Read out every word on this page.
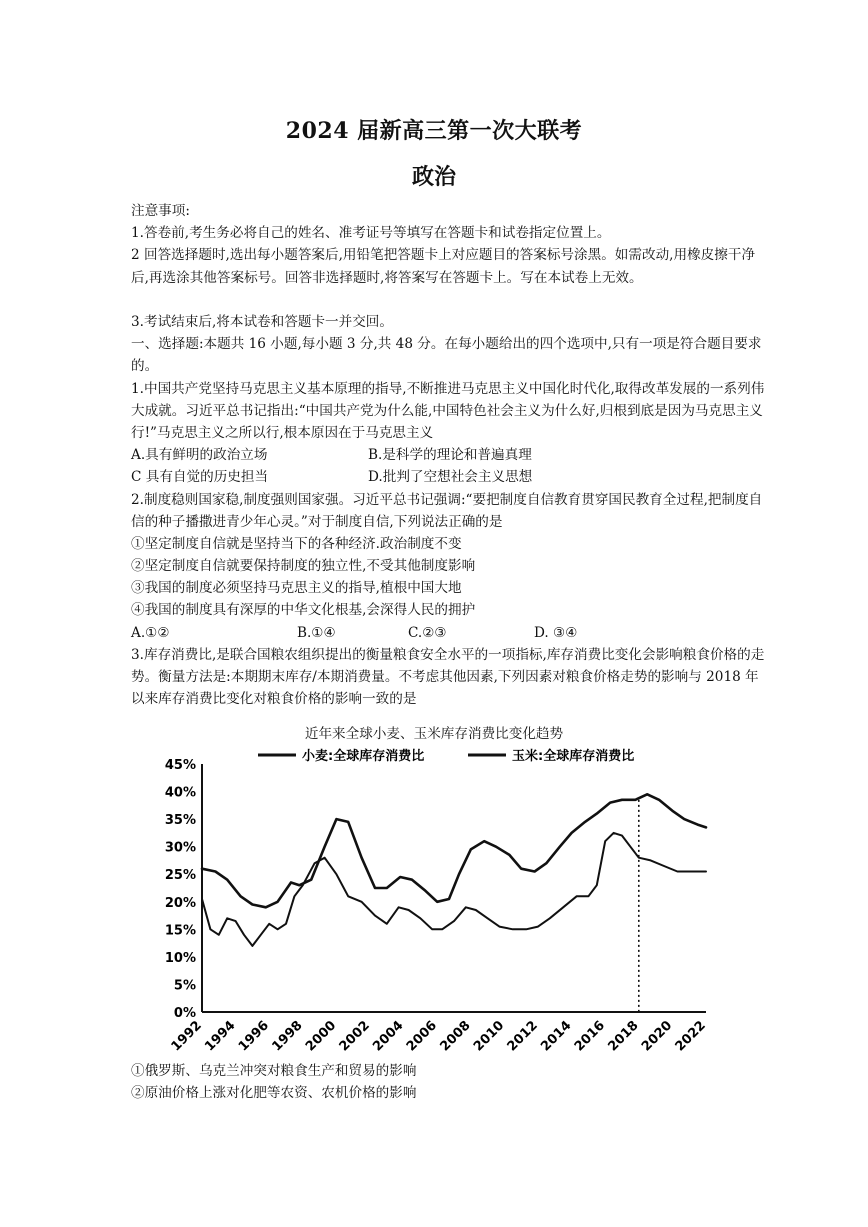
2024 届新高三第一次大联考
政治
注意事项:
1.答卷前,考生务必将自己的姓名、准考证号等填写在答题卡和试卷指定位置上。
2 回答选择题时,选出每小题答案后,用铅笔把答题卡上对应题目的答案标号涂黑。如需改动,用橡皮擦干净后,再选涂其他答案标号。回答非选择题时,将答案写在答题卡上。写在本试卷上无效。
3.考试结束后,将本试卷和答题卡一并交回。
一、选择题:本题共 16 小题,每小题 3 分,共 48 分。在每小题给出的四个选项中,只有一项是符合题目要求的。
1.中国共产党坚持马克思主义基本原理的指导,不断推进马克思主义中国化时代化,取得改革发展的一系列伟大成就。习近平总书记指出:“中国共产党为什么能,中国特色社会主义为什么好,归根到底是因为马克思主义行!”马克思主义之所以行,根本原因在于马克思主义
A.具有鲜明的政治立场	B.是科学的理论和普遍真理
C 具有自觉的历史担当	D.批判了空想社会主义思想
2.制度稳则国家稳,制度强则国家强。习近平总书记强调:“要把制度自信教育贯穿国民教育全过程,把制度自信的种子播撒进青少年心灵。”对于制度自信,下列说法正确的是
①坚定制度自信就是坚持当下的各种经济.政治制度不变
②坚定制度自信就要保持制度的独立性,不受其他制度影响
③我国的制度必须坚持马克思主义的指导,植根中国大地
④我国的制度具有深厚的中华文化根基,会深得人民的拥护
A.①②	B.①④	C.②③	D. ③④
3.库存消费比,是联合国粮农组织提出的衡量粮食安全水平的一项指标,库存消费比变化会影响粮食价格的走势。衡量方法是:本期期末库存/本期消费量。不考虑其他因素,下列因素对粮食价格走势的影响与 2018 年以来库存消费比变化对粮食价格的影响一致的是
近年来全球小麦、玉米库存消费比变化趋势
0%
5%
10%
15%
20%
25%
30%
35%
40%
45%
1992
1994
1996
1998
2000
2002
2004
2006
2008
2010
2012
2014
2016
2018
2020
2022
小麦:全球库存消费比	玉米:全球库存消费比
①俄罗斯、乌克兰冲突对粮食生产和贸易的影响
②原油价格上涨对化肥等农资、农机价格的影响
